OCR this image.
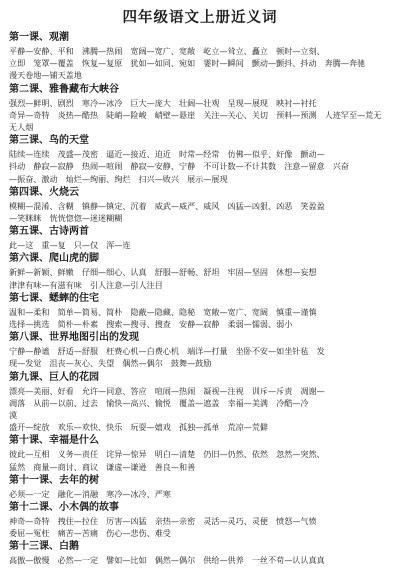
四年级语文上册近义词
第一课、观潮
平静—安静、平和　沸腾—热闹　宽阔—宽广、宽敞　屹立—耸立、矗立　顿时—立刻、
立即　笼罩—覆盖　恢复—复原　犹如—如同、宛如　霎时—瞬间　颤动—颤抖、抖动　奔腾—奔驰
漫天卷地—铺天盖地
第二课、雅鲁藏布大峡谷
强烈—鲜明、剧烈　寒冷—冰冷　巨大—庞大　壮阔—壮观　呈现—展现　映衬—衬托
奇异—奇特　炎热—酷热　陡峭—险峻　峭壁—悬崖　关注—关心、关切　预料—预测　人迹罕至—荒无
无人烟
第三课、鸟的天堂
陆续—连续　茂盛—茂密　逼近—接近、迫近　时常—经常　仿佛—似乎、好像　颤动—
抖动　静寂—寂静　热闹—喧闹　静寂—安静、宁静　不可计数—不计其数　注意—留意　兴奋
—振奋、激动　灿烂—绚丽、绚烂　扫兴—败兴　展示—展现
第四课、火烧云
模糊—混淆、含糊　镇静—镇定、沉着　威武—威严、威风　凶猛—凶狠、凶恶　笑盈盈
—笑眯眯　恍恍惚惚—迷迷糊糊
第五课、古诗两首
此—这　重—复　只—仅　浑—连
第六课、爬山虎的脚
新鲜—新颖、鲜嫩　仔细—细心、认真　舒服—舒畅、舒坦　牢固—坚固　休想—妄想
津津有味—有滋有味　引人注意—引人注目
第七课、蟋蟀的住宅
温和—柔和　简单—简易、简朴　隐蔽—隐藏、隐秘　宽敞—宽广、宽阔　慎重—谨慎
选择—挑选　简朴—朴素　搜索—搜寻、搜查　安静—寂静　柔弱—懦弱、弱小
第八课、世界地图引出的发现
宁静—静谧　舒适—舒服　枉费心机—白费心机　端详—打量　坐卧不安—如坐针毡　发
现—发觉　沮丧—灰心、失望　偶然—偶尔　鼓舞—鼓励
第九课、巨人的花园
漂亮—美丽、好看　允许—同意、答应　喧闹—热闹　凝视—注视　训斥—斥责　凋谢—
凋落　从前—以前、过去　愉快—高兴、愉悦　覆盖—遮盖　幸福—美满　冷酷—冷
漠
盛开—绽放　欢乐—欢快、快乐　玩耍—嬉戏　孤独—孤单　荒凉—荒僻
第十课、幸福是什么
彼此—互相　义务—责任　诧异—惊异　明白—清楚　仍旧—仍然、依然　忽然—突然、
猛然　商量—商讨、商议　谦虚—谦逊　善良—和善
第十一课、去年的树
必须—一定　融化—消融　寒冷—冰冷、严寒
第十二课、小木偶的故事
神奇—奇特　拽住—拉住　厉害—凶猛　亲热—亲密　灵活—灵巧、灵便　愤怒—气愤
委屈—冤枉　痛苦—苦痛　伤心—悲伤、难受
第十三课、白鹅
高傲—傲慢　必然—一定　譬如—比如　偶然—偶尔　供给—供养　一丝不苟—认认真真
